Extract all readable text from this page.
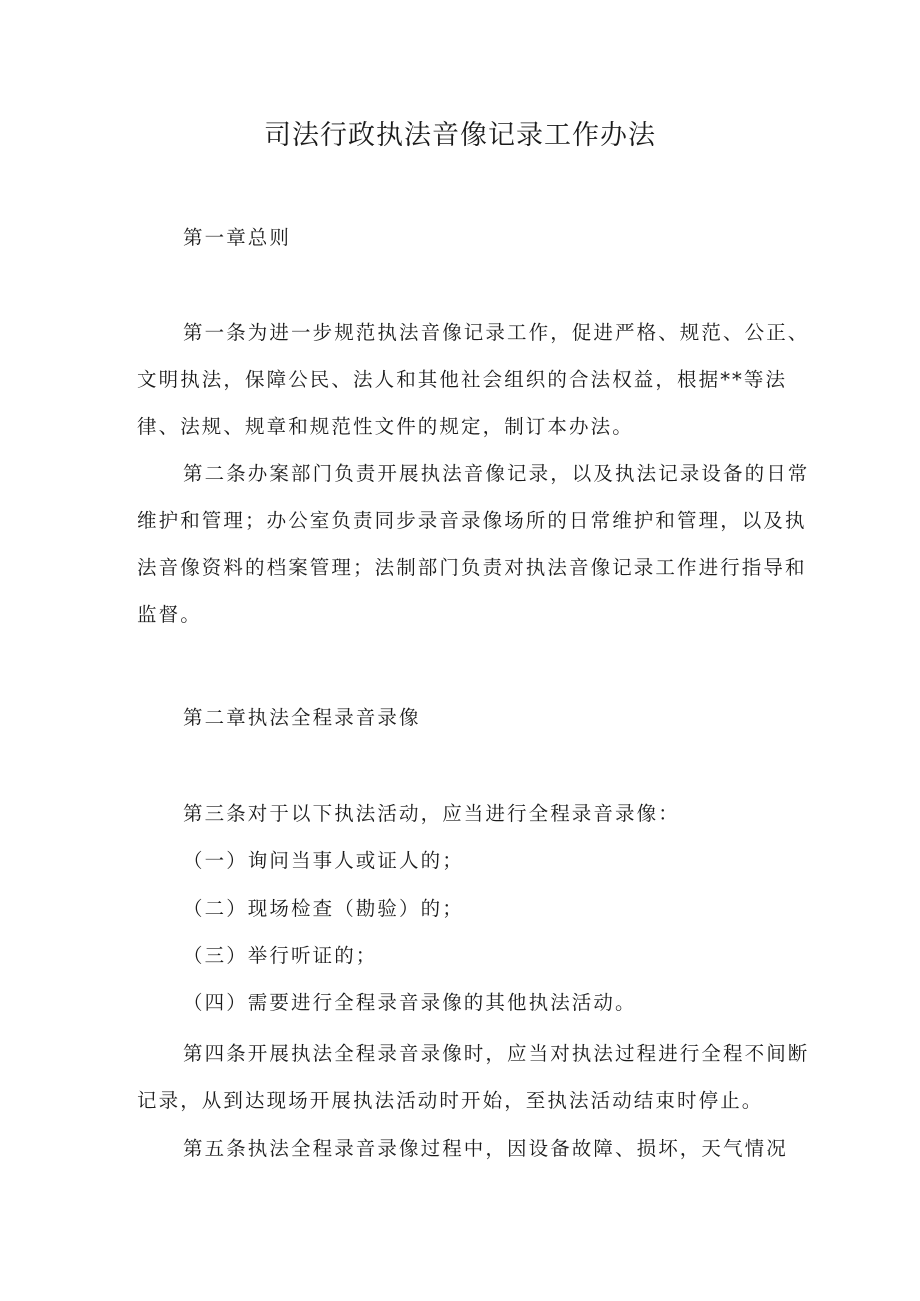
司法行政执法音像记录工作办法
第一章总则
第一条为进一步规范执法音像记录工作，促进严格、规范、公正、文明执法，保障公民、法人和其他社会组织的合法权益，根据**等法律、法规、规章和规范性文件的规定，制订本办法。
第二条办案部门负责开展执法音像记录，以及执法记录设备的日常维护和管理；办公室负责同步录音录像场所的日常维护和管理，以及执法音像资料的档案管理；法制部门负责对执法音像记录工作进行指导和监督。
第二章执法全程录音录像
第三条对于以下执法活动，应当进行全程录音录像：
（一）询问当事人或证人的；
（二）现场检查（勘验）的；
（三）举行听证的；
（四）需要进行全程录音录像的其他执法活动。
第四条开展执法全程录音录像时，应当对执法过程进行全程不间断记录，从到达现场开展执法活动时开始，至执法活动结束时停止。
第五条执法全程录音录像过程中，因设备故障、损坏，天气情况
